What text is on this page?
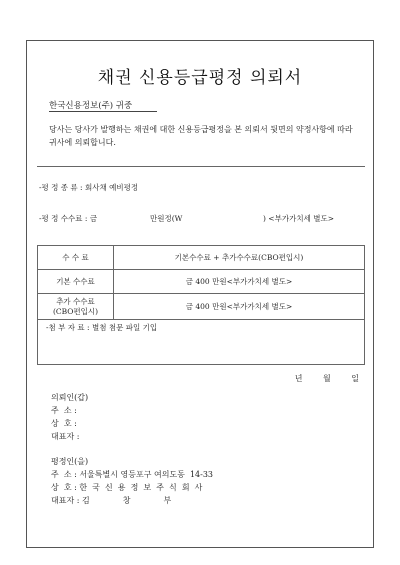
채권 신용등급평정 의뢰서
한국신용정보(주) 귀중
당사는 당사가 발행하는 채권에 대한 신용등급평정을 본 의뢰서 뒷면의 약정사항에 따라 귀사에 의뢰합니다.
-평 정 종 류 : 회사채 예비평정
-평 정 수수료 : 금	만원정(W	) <부가가치세 별도>
수 수 료	기본수수료 + 추가수수료(CBO편입시)
기본 수수료	금 400 만원<부가가치세 별도>
추가 수수료
(CBO편입시)	금 400 만원<부가가치세 별도>
-첨 부 자 료 : 별첨 첨문 파일 기입
년 월 일
의뢰인(갑)
주  소 :
상  호 :
대표자 :
평정인(을)
주  소 : 서울특별시 영등포구 여의도동  14-33
상  호 : 한  국  신  용  정  보  주  식  회  사
대표자 : 김             창             부
